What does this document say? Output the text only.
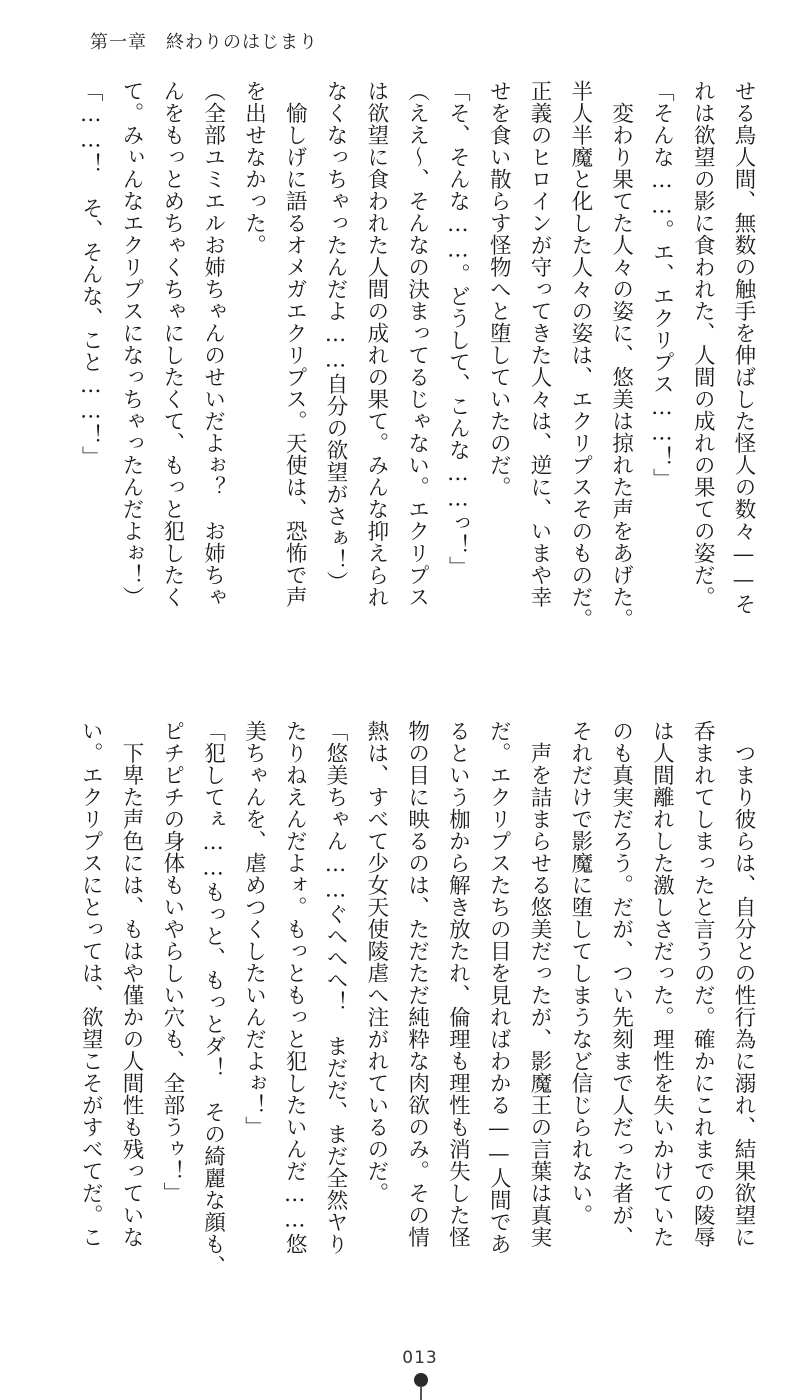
第一章　終わりのはじまり
せる鳥人間、無数の触手を伸ばした怪人の数々——そ
れは欲望の影に食われた、人間の成れの果ての姿だ。
「そんな……。エ、エクリプス……！」
変わり果てた人々の姿に、悠美は掠れた声をあげた。
半人半魔と化した人々の姿は、エクリプスそのものだ。
正義のヒロインが守ってきた人々は、逆に、いまや幸
せを食い散らす怪物へと堕していたのだ。
「そ、そんな……。どうして、こんな……っ！」
（ええ〜、そんなの決まってるじゃない。エクリプス
は欲望に食われた人間の成れの果て。みんな抑えられ
なくなっちゃったんだよ……自分の欲望がさぁ！）
愉しげに語るオメガエクリプス。天使は、恐怖で声
を出せなかった。
（全部ユミエルお姉ちゃんのせいだよぉ？　お姉ちゃ
んをもっとめちゃくちゃにしたくて、もっと犯したく
て。みぃんなエクリプスになっちゃったんだよぉ！）
「……！　そ、そんな、こと……！」
つまり彼らは、自分との性行為に溺れ、結果欲望に
呑まれてしまったと言うのだ。確かにこれまでの陵辱
は人間離れした激しさだった。理性を失いかけていた
のも真実だろう。だが、つい先刻まで人だった者が、
それだけで影魔に堕してしまうなど信じられない。
声を詰まらせる悠美だったが、影魔王の言葉は真実
だ。エクリプスたちの目を見ればわかる——人間であ
るという枷から解き放たれ、倫理も理性も消失した怪
物の目に映るのは、ただただ純粋な肉欲のみ。その情
熱は、すべて少女天使陵虐へ注がれているのだ。
「悠美ちゃん……ぐへへへ！　まだだ、まだ全然ヤり
たりねえんだよォ。もっともっと犯したいんだ……悠
美ちゃんを、虐めつくしたいんだよぉ！」
「犯してぇ……もっと、もっとダ！　その綺麗な顔も、
ピチピチの身体もいやらしい穴も、全部うゥ！」
下卑た声色には、もはや僅かの人間性も残っていな
い。エクリプスにとっては、欲望こそがすべてだ。こ
013
